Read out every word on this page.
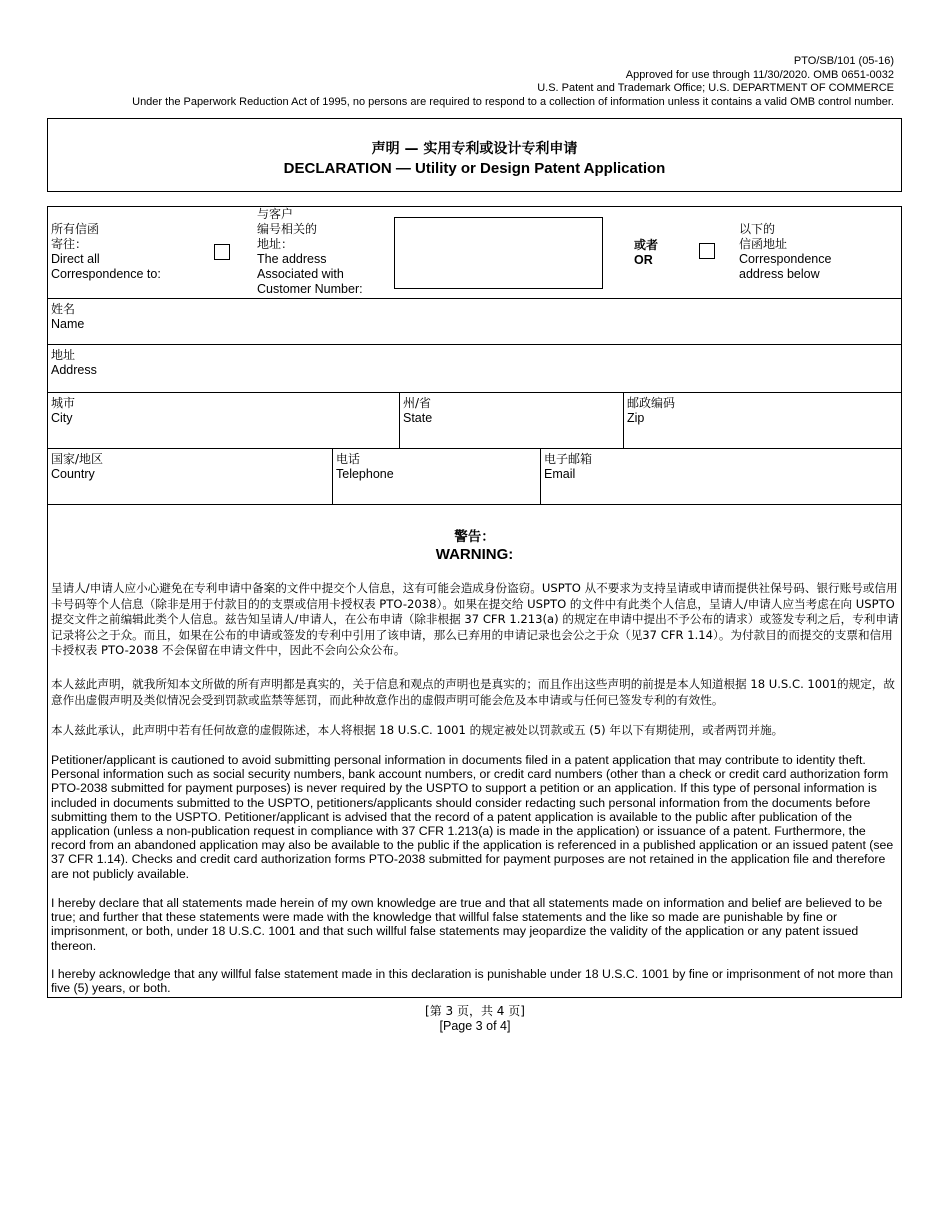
PTO/SB/101 (05-16)
Approved for use through 11/30/2020. OMB 0651-0032
U.S. Patent and Trademark Office; U.S. DEPARTMENT OF COMMERCE
Under the Paperwork Reduction Act of 1995, no persons are required to respond to a collection of information unless it contains a valid OMB control number.
声明 — 实用专利或设计专利申请
DECLARATION — Utility or Design Patent Application
所有信函
寄往：
Direct all
Correspondence to:
与客户
编号相关的
地址：
The address
Associated with
Customer Number:
或者
OR
以下的
信函地址
Correspondence
address below
姓名
Name
地址
Address
城市
City
州/省
State
邮政编码
Zip
国家/地区
Country
电话
Telephone
电子邮箱
Email
警告：
WARNING:
呈请人/申请人应小心避免在专利申请中备案的文件中提交个人信息，这有可能会造成身份盗窃。USPTO 从不要求为支持呈请或申请而提供社保号码、银行账号或信用卡号码等个人信息（除非是用于付款目的的支票或信用卡授权表 PTO-2038）。如果在提交给 USPTO 的文件中有此类个人信息，呈请人/申请人应当考虑在向 USPTO 提交文件之前编辑此类个人信息。兹告知呈请人/申请人，在公布申请（除非根据 37 CFR 1.213(a) 的规定在申请中提出不予公布的请求）或签发专利之后，专利申请记录将公之于众。而且，如果在公布的申请或签发的专利中引用了该申请，那么已弃用的申请记录也会公之于众（见37 CFR 1.14）。为付款目的而提交的支票和信用卡授权表 PTO-2038 不会保留在申请文件中，因此不会向公众公布。
本人兹此声明，就我所知本文所做的所有声明都是真实的，关于信息和观点的声明也是真实的；而且作出这些声明的前提是本人知道根据 18 U.S.C. 1001的规定，故意作出虚假声明及类似情况会受到罚款或监禁等惩罚，而此种故意作出的虚假声明可能会危及本申请或与任何已签发专利的有效性。
本人兹此承认，此声明中若有任何故意的虚假陈述，本人将根据 18 U.S.C. 1001 的规定被处以罚款或五 (5) 年以下有期徒刑，或者两罚并施。
Petitioner/applicant is cautioned to avoid submitting personal information in documents filed in a patent application that may contribute to identity theft. Personal information such as social security numbers, bank account numbers, or credit card numbers (other than a check or credit card authorization form PTO-2038 submitted for payment purposes) is never required by the USPTO to support a petition or an application. If this type of personal information is included in documents submitted to the USPTO, petitioners/applicants should consider redacting such personal information from the documents before submitting them to the USPTO. Petitioner/applicant is advised that the record of a patent application is available to the public after publication of the application (unless a non-publication request in compliance with 37 CFR 1.213(a) is made in the application) or issuance of a patent. Furthermore, the record from an abandoned application may also be available to the public if the application is referenced in a published application or an issued patent (see 37 CFR 1.14). Checks and credit card authorization forms PTO-2038 submitted for payment purposes are not retained in the application file and therefore are not publicly available.
I hereby declare that all statements made herein of my own knowledge are true and that all statements made on information and belief are believed to be true; and further that these statements were made with the knowledge that willful false statements and the like so made are punishable by fine or imprisonment, or both, under 18 U.S.C. 1001 and that such willful false statements may jeopardize the validity of the application or any patent issued thereon.
I hereby acknowledge that any willful false statement made in this declaration is punishable under 18 U.S.C. 1001 by fine or imprisonment of not more than five (5) years, or both.
[第 3 页，共 4 页]
[Page 3 of 4]
